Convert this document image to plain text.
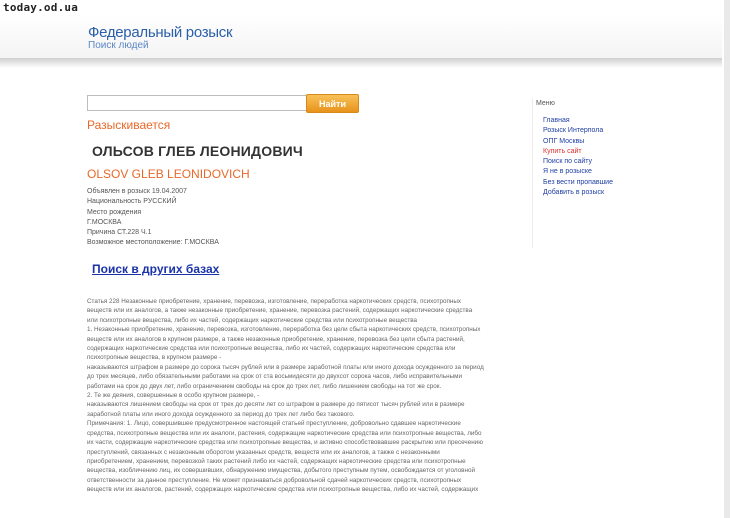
today.od.ua
Федеральный розыск
Поиск людей
Найти
Разыскивается
ОЛЬСОВ ГЛЕБ ЛЕОНИДОВИЧ
OLSOV GLEB LEONIDOVICH
Объявлен в розыск 19.04.2007
Национальность РУССКИЙ
Место рождения
Г.МОСКВА
Причина СТ.228 Ч.1
Возможное местоположение: Г.МОСКВА
Поиск в других базах
Статья 228 Незаконные приобретение, хранение, перевозка, изготовление, переработка наркотических средств, психотропных
веществ или их аналогов, а также незаконные приобретение, хранение, перевозка растений, содержащих наркотические средства
или психотропные вещества, либо их частей, содержащих наркотические средства или психотропные вещества
1. Незаконные приобретение, хранение, перевозка, изготовление, переработка без цели сбыта наркотических средств, психотропных
веществ или их аналогов в крупном размере, а также незаконные приобретение, хранение, перевозка без цели сбыта растений,
содержащих наркотические средства или психотропные вещества, либо их частей, содержащих наркотические средства или
психотропные вещества, в крупном размере -
наказываются штрафом в размере до сорока тысяч рублей или в размере заработной платы или иного дохода осужденного за период
до трех месяцев, либо обязательными работами на срок от ста восьмидесяти до двухсот сорока часов, либо исправительными
работами на срок до двух лет, либо ограничением свободы на срок до трех лет, либо лишением свободы на тот же срок.
2. Те же деяния, совершенные в особо крупном размере, -
наказываются лишением свободы на срок от трех до десяти лет со штрафом в размере до пятисот тысяч рублей или в размере
заработной платы или иного дохода осужденного за период до трех лет либо без такового.
Примечания: 1. Лицо, совершившее предусмотренное настоящей статьей преступление, добровольно сдавшее наркотические
средства, психотропные вещества или их аналоги, растения, содержащие наркотические средства или психотропные вещества, либо
их части, содержащие наркотические средства или психотропные вещества, и активно способствовавшее раскрытию или пресечению
преступлений, связанных с незаконным оборотом указанных средств, веществ или их аналогов, а также с незаконными
приобретением, хранением, перевозкой таких растений либо их частей, содержащих наркотические средства или психотропные
вещества, изобличению лиц, их совершивших, обнаружению имущества, добытого преступным путем, освобождается от уголовной
ответственности за данное преступление. Не может признаваться добровольной сдачей наркотических средств, психотропных
веществ или их аналогов, растений, содержащих наркотические средства или психотропные вещества, либо их частей, содержащих
Меню
Главная
Розыск Интерпола
ОПГ Москвы
Купить сайт
Поиск по сайту
Я не в розыске
Без вести пропавшие
Добавить в розыск
